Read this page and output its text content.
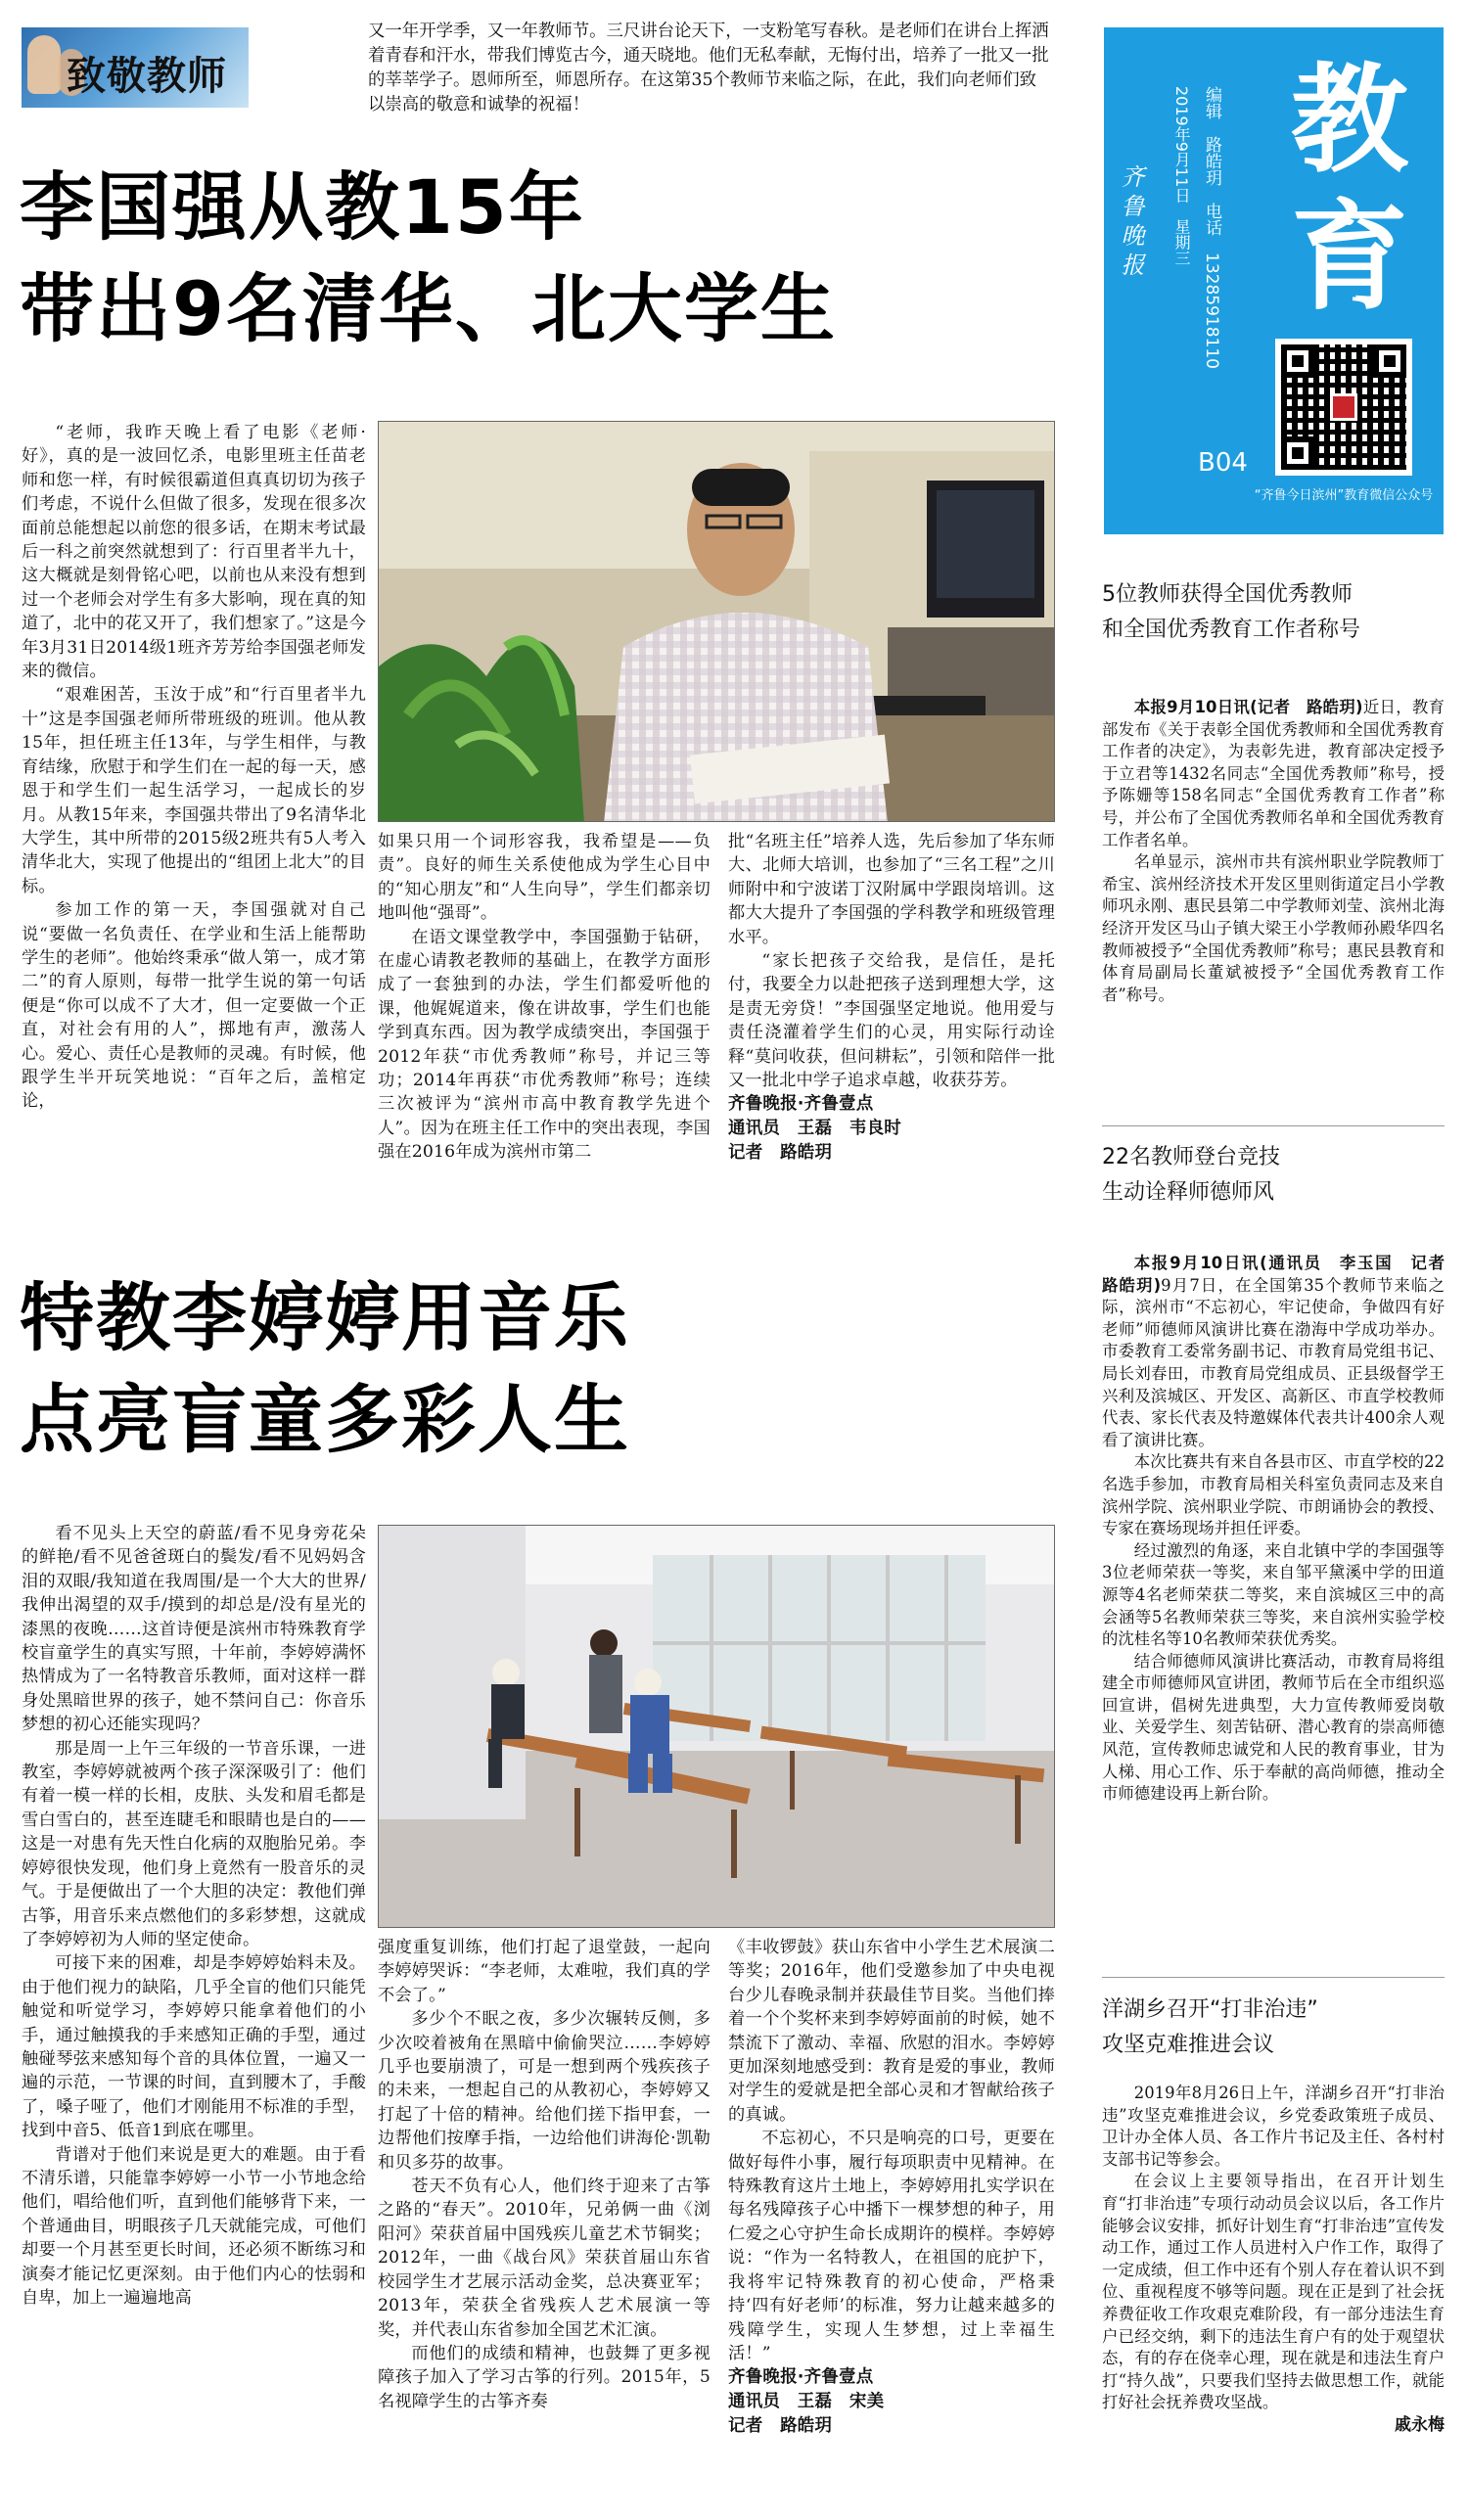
致敬教师
又一年开学季，又一年教师节。三尺讲台论天下，一支粉笔写春秋。是老师们在讲台上挥洒着青春和汗水，带我们博览古今，通天晓地。他们无私奉献，无悔付出，培养了一批又一批的莘莘学子。恩师所至，师恩所存。在这第35个教师节来临之际，在此，我们向老师们致以崇高的敬意和诚挚的祝福！
李国强从教15年
带出9名清华、北大学生

“老师，我昨天晚上看了电影《老师·好》，真的是一波回忆杀，电影里班主任苗老师和您一样，有时候很霸道但真真切切为孩子们考虑，不说什么但做了很多，发现在很多次面前总能想起以前您的很多话，在期末考试最后一科之前突然就想到了：行百里者半九十，这大概就是刻骨铭心吧，以前也从来没有想到过一个老师会对学生有多大影响，现在真的知道了，北中的花又开了，我们想家了。”这是今年3月31日2014级1班齐芳芳给李国强老师发来的微信。

“艰难困苦，玉汝于成”和“行百里者半九十”这是李国强老师所带班级的班训。他从教15年，担任班主任13年，与学生相伴，与教育结缘，欣慰于和学生们在一起的每一天，感恩于和学生们一起生活学习，一起成长的岁月。从教15年来，李国强共带出了9名清华北大学生，其中所带的2015级2班共有5人考入清华北大，实现了他提出的“组团上北大”的目标。

参加工作的第一天，李国强就对自己说“要做一名负责任、在学业和生活上能帮助学生的老师”。他始终秉承“做人第一，成才第二”的育人原则，每带一批学生说的第一句话便是“你可以成不了大才，但一定要做一个正直，对社会有用的人”，掷地有声，激荡人心。爱心、责任心是教师的灵魂。有时候，他跟学生半开玩笑地说：“百年之后，盖棺定论，

如果只用一个词形容我，我希望是——负责”。良好的师生关系使他成为学生心目中的“知心朋友”和“人生向导”，学生们都亲切地叫他“强哥”。

在语文课堂教学中，李国强勤于钻研，在虚心请教老教师的基础上，在教学方面形成了一套独到的办法，学生们都爱听他的课，他娓娓道来，像在讲故事，学生们也能学到真东西。因为教学成绩突出，李国强于2012年获“市优秀教师”称号，并记三等功；2014年再获“市优秀教师”称号；连续三次被评为“滨州市高中教育教学先进个人”。因为在班主任工作中的突出表现，李国强在2016年成为滨州市第二

批“名班主任”培养人选，先后参加了华东师大、北师大培训，也参加了“三名工程”之川师附中和宁波诺丁汉附属中学跟岗培训。这都大大提升了李国强的学科教学和班级管理水平。

“家长把孩子交给我，是信任，是托付，我要全力以赴把孩子送到理想大学，这是责无旁贷！”李国强坚定地说。他用爱与责任浇灌着学生们的心灵，用实际行动诠释“莫问收获，但问耕耘”，引领和陪伴一批又一批北中学子追求卓越，收获芬芳。

齐鲁晚报·齐鲁壹点
通讯员　王磊　韦良时
记者　路皓玥
特教李婷婷用音乐
点亮盲童多彩人生

看不见头上天空的蔚蓝/看不见身旁花朵的鲜艳/看不见爸爸斑白的鬓发/看不见妈妈含泪的双眼/我知道在我周围/是一个大大的世界/我伸出渴望的双手/摸到的却总是/没有星光的漆黑的夜晚……这首诗便是滨州市特殊教育学校盲童学生的真实写照，十年前，李婷婷满怀热情成为了一名特教音乐教师，面对这样一群身处黑暗世界的孩子，她不禁问自己：你音乐梦想的初心还能实现吗？

那是周一上午三年级的一节音乐课，一进教室，李婷婷就被两个孩子深深吸引了：他们有着一模一样的长相，皮肤、头发和眉毛都是雪白雪白的，甚至连睫毛和眼睛也是白的——这是一对患有先天性白化病的双胞胎兄弟。李婷婷很快发现，他们身上竟然有一股音乐的灵气。于是便做出了一个大胆的决定：教他们弹古筝，用音乐来点燃他们的多彩梦想，这就成了李婷婷初为人师的坚定使命。

可接下来的困难，却是李婷婷始料未及。由于他们视力的缺陷，几乎全盲的他们只能凭触觉和听觉学习，李婷婷只能拿着他们的小手，通过触摸我的手来感知正确的手型，通过触碰琴弦来感知每个音的具体位置，一遍又一遍的示范，一节课的时间，直到腰木了，手酸了，嗓子哑了，他们才刚能用不标准的手型，找到中音5、低音1到底在哪里。

背谱对于他们来说是更大的难题。由于看不清乐谱，只能靠李婷婷一小节一小节地念给他们，唱给他们听，直到他们能够背下来，一个普通曲目，明眼孩子几天就能完成，可他们却要一个月甚至更长时间，还必须不断练习和演奏才能记忆更深刻。由于他们内心的怯弱和自卑，加上一遍遍地高

强度重复训练，他们打起了退堂鼓，一起向李婷婷哭诉：“李老师，太难啦，我们真的学不会了。”

多少个不眠之夜，多少次辗转反侧，多少次咬着被角在黑暗中偷偷哭泣……李婷婷几乎也要崩溃了，可是一想到两个残疾孩子的未来，一想起自己的从教初心，李婷婷又打起了十倍的精神。给他们搓下指甲套，一边帮他们按摩手指，一边给他们讲海伦·凯勒和贝多芬的故事。

苍天不负有心人，他们终于迎来了古筝之路的“春天”。2010年，兄弟俩一曲《浏阳河》荣获首届中国残疾儿童艺术节铜奖；2012年，一曲《战台风》荣获首届山东省校园学生才艺展示活动金奖，总决赛亚军；2013年，荣获全省残疾人艺术展演一等奖，并代表山东省参加全国艺术汇演。

而他们的成绩和精神，也鼓舞了更多视障孩子加入了学习古筝的行列。2015年，5名视障学生的古筝齐奏

《丰收锣鼓》获山东省中小学生艺术展演二等奖；2016年，他们受邀参加了中央电视台少儿春晚录制并获最佳节目奖。当他们捧着一个个奖杯来到李婷婷面前的时候，她不禁流下了激动、幸福、欣慰的泪水。李婷婷更加深刻地感受到：教育是爱的事业，教师对学生的爱就是把全部心灵和才智献给孩子的真诚。

不忘初心，不只是响亮的口号，更要在做好每件小事，履行每项职责中见精神。在特殊教育这片土地上，李婷婷用扎实学识在每名残障孩子心中播下一棵梦想的种子，用仁爱之心守护生命长成期许的模样。李婷婷说：“作为一名特教人，在祖国的庇护下，我将牢记特殊教育的初心使命，严格秉持‘四有好老师’的标准，努力让越来越多的残障学生，实现人生梦想，过上幸福生活！”

齐鲁晚报·齐鲁壹点
通讯员　王磊　宋美
记者　路皓玥
教育
齐鲁晚报
2019年9月11日　星期三
编辑　路皓玥　电话　13285918110
B04
“齐鲁今日滨州”教育微信公众号
5位教师获得全国优秀教师
和全国优秀教育工作者称号

本报9月10日讯(记者　路皓玥)近日，教育部发布《关于表彰全国优秀教师和全国优秀教育工作者的决定》，为表彰先进，教育部决定授予于立君等1432名同志“全国优秀教师”称号，授予陈姗等158名同志“全国优秀教育工作者”称号，并公布了全国优秀教师名单和全国优秀教育工作者名单。

名单显示，滨州市共有滨州职业学院教师丁希宝、滨州经济技术开发区里则街道定吕小学教师巩永刚、惠民县第二中学教师刘莹、滨州北海经济开发区马山子镇大梁王小学教师孙殿华四名教师被授予“全国优秀教师”称号；惠民县教育和体育局副局长董斌被授予“全国优秀教育工作者”称号。

22名教师登台竞技
生动诠释师德师风

本报9月10日讯(通讯员　李玉国　记者　路皓玥)9月7日，在全国第35个教师节来临之际，滨州市“不忘初心，牢记使命，争做四有好老师”师德师风演讲比赛在渤海中学成功举办。市委教育工委常务副书记、市教育局党组书记、局长刘春田，市教育局党组成员、正县级督学王兴利及滨城区、开发区、高新区、市直学校教师代表、家长代表及特邀媒体代表共计400余人观看了演讲比赛。

本次比赛共有来自各县市区、市直学校的22名选手参加，市教育局相关科室负责同志及来自滨州学院、滨州职业学院、市朗诵协会的教授、专家在赛场现场并担任评委。

经过激烈的角逐，来自北镇中学的李国强等3位老师荣获一等奖，来自邹平黛溪中学的田道源等4名老师荣获二等奖，来自滨城区三中的高会涵等5名教师荣获三等奖，来自滨州实验学校的沈桂名等10名教师荣获优秀奖。

结合师德师风演讲比赛活动，市教育局将组建全市师德师风宣讲团，教师节后在全市组织巡回宣讲，倡树先进典型，大力宣传教师爱岗敬业、关爱学生、刻苦钻研、潜心教育的崇高师德风范，宣传教师忠诚党和人民的教育事业，甘为人梯、用心工作、乐于奉献的高尚师德，推动全市师德建设再上新台阶。

洋湖乡召开“打非治违”
攻坚克难推进会议

2019年8月26日上午，洋湖乡召开“打非治违”攻坚克难推进会议，乡党委政策班子成员、卫计办全体人员、各工作片书记及主任、各村村支部书记等参会。

在会议上主要领导指出，在召开计划生育“打非治违”专项行动动员会议以后，各工作片能够会议安排，抓好计划生育“打非治违”宣传发动工作，通过工作人员进村入户作工作，取得了一定成绩，但工作中还有个别人存在着认识不到位、重视程度不够等问题。现在正是到了社会抚养费征收工作攻艰克难阶段，有一部分违法生育户已经交纳，剩下的违法生育户有的处于观望状态，有的存在侥幸心理，现在就是和违法生育户打“持久战”，只要我们坚持去做思想工作，就能打好社会抚养费攻坚战。

戚永梅
